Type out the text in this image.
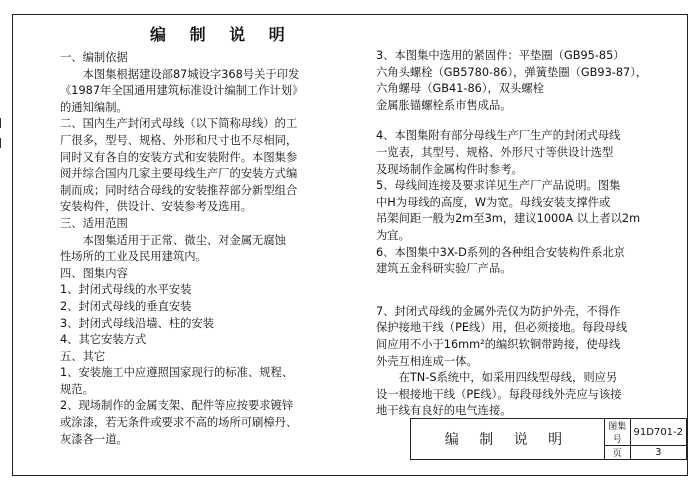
编 制 说 明
一、编制依据
　　本图集根据建设部87城设字368号关于印发
《1987年全国通用建筑标准设计编制工作计划》
的通知编制。
二、国内生产封闭式母线（以下简称母线）的工
厂很多，型号、规格、外形和尺寸也不尽相同，
同时又有各自的安装方式和安装附件。本图集参
阅并综合国内几家主要母线生产厂的安装方式编
制而成；同时结合母线的安装推荐部分新型组合
安装构件，供设计、安装参考及选用。
三、适用范围
　　本图集适用于正常、微尘、对金属无腐蚀
性场所的工业及民用建筑内。
四、图集内容
1、封闭式母线的水平安装
2、封闭式母线的垂直安装
3、封闭式母线沿墙、柱的安装
4、其它安装方式
五、其它
1、安装施工中应遵照国家现行的标准、规程、
规范。
2、现场制作的金属支架、配件等应按要求镀锌
或涂漆，若无条件或要求不高的场所可刷樟丹、
灰漆各一道。
3、本图集中选用的紧固件：平垫圈（GB95-85）
六角头螺栓（GB5780-86），弹簧垫圈（GB93-87），
六角螺母（GB41-86），双头螺栓
金属胀锚螺栓系市售成品。
4、本图集附有部分母线生产厂生产的封闭式母线
一览表，其型号、规格、外形尺寸等供设计选型
及现场制作金属构件时参考。
5、母线间连接及要求详见生产厂产品说明。图集
中H为母线的高度，W为宽。母线安装支撑件或
吊架间距一般为2m至3m，建议1000A 以上者以2m
为宜。
6、本图集中3X-D系列的各种组合安装构件系北京
建筑五金科研实验厂产品。
7、封闭式母线的金属外壳仅为防护外壳，不得作
保护接地干线（PE线）用，但必须接地。每段母线
间应用不小于16mm²的编织软铜带跨接，使母线
外壳互相连成一体。
　　在TN-S系统中，如采用四线型母线，则应另
设一根接地干线（PE线）。每段母线外壳应与该接
地干线有良好的电气连接。
编 制 说 明	图集号	91D701-2
	页	3
